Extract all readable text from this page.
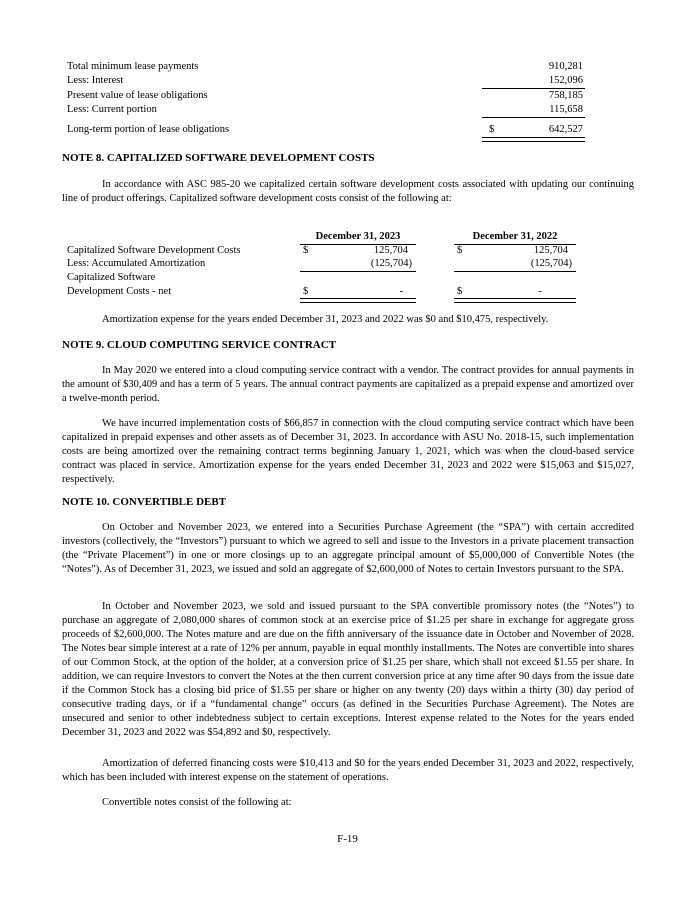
Total minimum lease payments	910,281
Less: Interest	152,096
Present value of lease obligations	758,185
Less: Current portion	115,658
Long-term portion of lease obligations	$	642,527
NOTE 8. CAPITALIZED SOFTWARE DEVELOPMENT COSTS

In accordance with ASC 985-20 we capitalized certain software development costs associated with updating our continuing line of product offerings. Capitalized software development costs consist of the following at:

December 31, 2023	December 31, 2022
Capitalized Software Development Costs	$	125,704	$	125,704
Less: Accumulated Amortization	(125,704)	(125,704)
Capitalized Software
Development Costs - net	$	-	$	-
Amortization expense for the years ended December 31, 2023 and 2022 was $0 and $10,475, respectively.
NOTE 9. CLOUD COMPUTING SERVICE CONTRACT

In May 2020 we entered into a cloud computing service contract with a vendor. The contract provides for annual payments in the amount of $30,409 and has a term of 5 years. The annual contract payments are capitalized as a prepaid expense and amortized over a twelve-month period.

We have incurred implementation costs of $66,857 in connection with the cloud computing service contract which have been capitalized in prepaid expenses and other assets as of December 31, 2023. In accordance with ASU No. 2018-15, such implementation costs are being amortized over the remaining contract terms beginning January 1, 2021, which was when the cloud-based service contract was placed in service. Amortization expense for the years ended December 31, 2023 and 2022 were $15,063 and $15,027, respectively.

NOTE 10. CONVERTIBLE DEBT

On October and November 2023, we entered into a Securities Purchase Agreement (the “SPA”) with certain accredited investors (collectively, the “Investors”) pursuant to which we agreed to sell and issue to the Investors in a private placement transaction (the “Private Placement”) in one or more closings up to an aggregate principal amount of $5,000,000 of Convertible Notes (the “Notes”). As of December 31, 2023, we issued and sold an aggregate of $2,600,000 of Notes to certain Investors pursuant to the SPA.

In October and November 2023, we sold and issued pursuant to the SPA convertible promissory notes (the “Notes”) to purchase an aggregate of 2,080,000 shares of common stock at an exercise price of $1.25 per share in exchange for aggregate gross proceeds of $2,600,000. The Notes mature and are due on the fifth anniversary of the issuance date in October and November of 2028. The Notes bear simple interest at a rate of 12% per annum, payable in equal monthly installments. The Notes are convertible into shares of our Common Stock, at the option of the holder, at a conversion price of $1.25 per share, which shall not exceed $1.55 per share. In addition, we can require Investors to convert the Notes at the then current conversion price at any time after 90 days from the issue date if the Common Stock has a closing bid price of $1.55 per share or higher on any twenty (20) days within a thirty (30) day period of consecutive trading days, or if a “fundamental change” occurs (as defined in the Securities Purchase Agreement). The Notes are unsecured and senior to other indebtedness subject to certain exceptions. Interest expense related to the Notes for the years ended December 31, 2023 and 2022 was $54,892 and $0, respectively.

Amortization of deferred financing costs were $10,413 and $0 for the years ended December 31, 2023 and 2022, respectively, which has been included with interest expense on the statement of operations.

Convertible notes consist of the following at:

F-19
